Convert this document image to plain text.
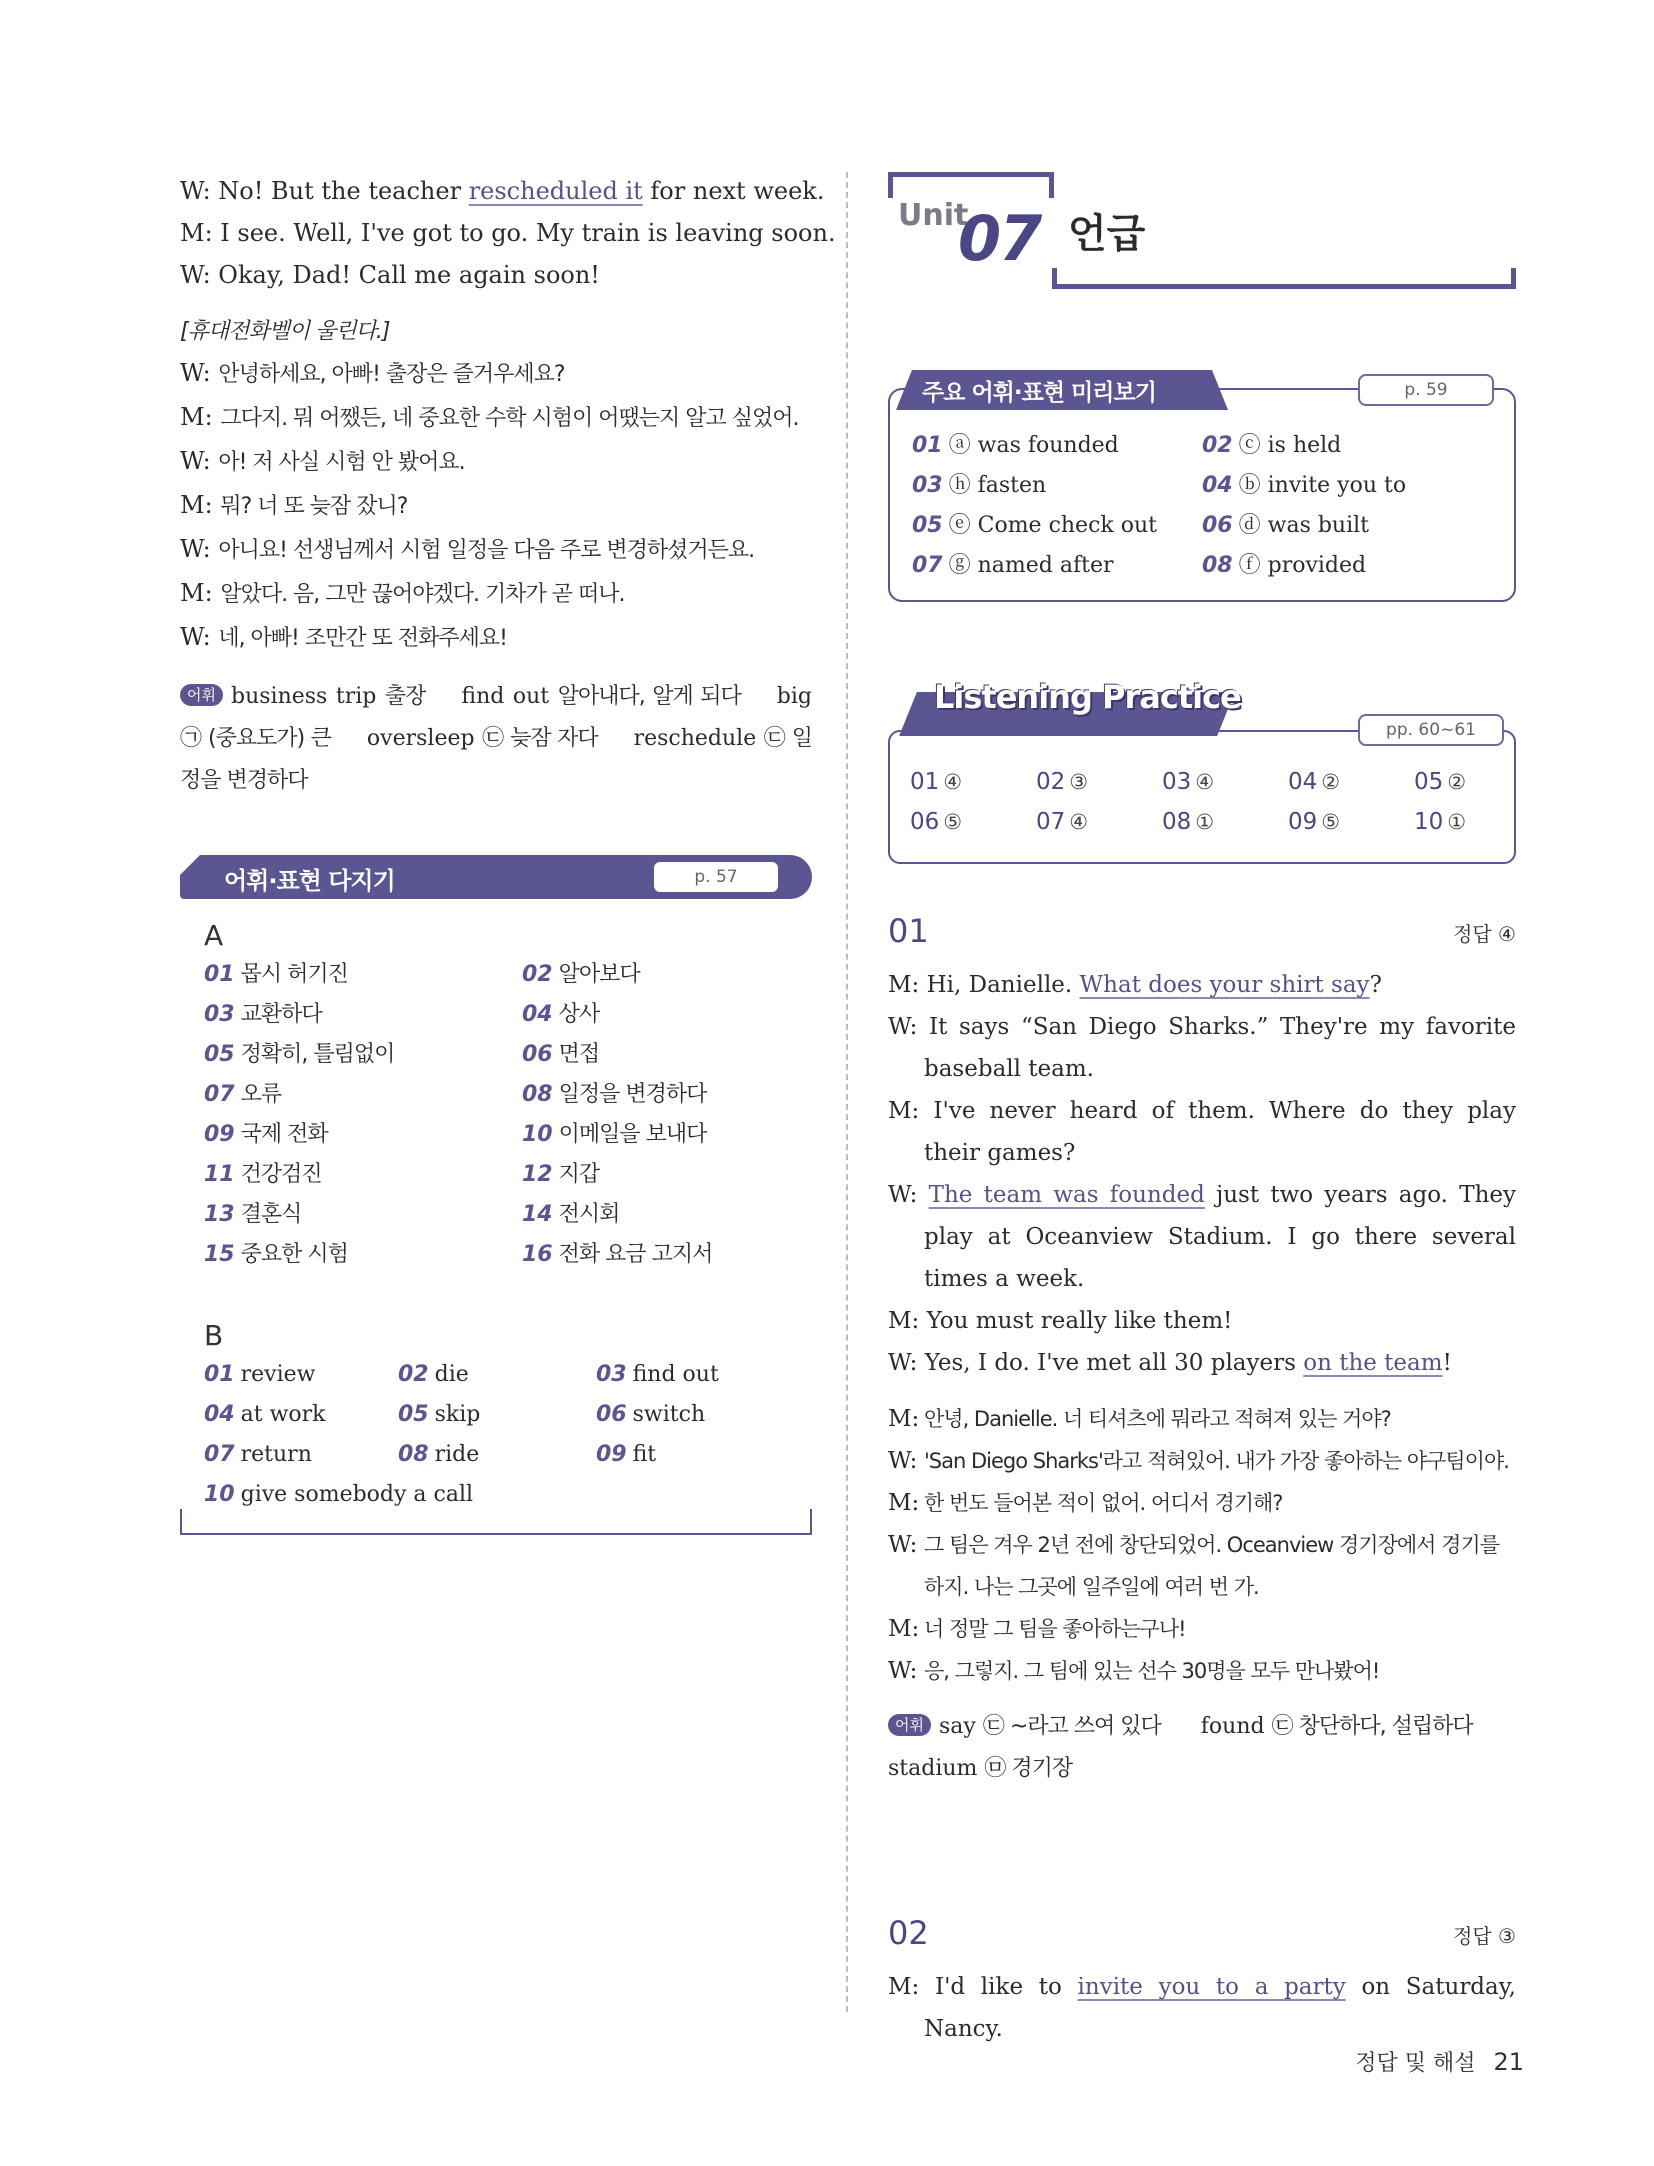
W: No! But the teacher rescheduled it for next week.
M: I see. Well, I've got to go. My train is leaving soon.
W: Okay, Dad! Call me again soon!
[휴대전화벨이 울린다.]
W: 안녕하세요, 아빠! 출장은 즐거우세요?
M: 그다지. 뭐 어쨌든, 네 중요한 수학 시험이 어땠는지 알고 싶었어.
W: 아! 저 사실 시험 안 봤어요.
M: 뭐? 너 또 늦잠 잤니?
W: 아니요! 선생님께서 시험 일정을 다음 주로 변경하셨거든요.
M: 알았다. 음, 그만 끊어야겠다. 기차가 곧 떠나.
W: 네, 아빠! 조만간 또 전화주세요!
어휘 business trip 출장 find out 알아내다, 알게 되다 big ㉠ (중요도가) 큰 oversleep ㉢ 늦잠 자다 reschedule ㉢ 일정을 변경하다
어휘·표현 다지기	p. 57
A
01 몹시 허기진	02 알아보다
03 교환하다	04 상사
05 정확히, 틀림없이	06 면접
07 오류	08 일정을 변경하다
09 국제 전화	10 이메일을 보내다
11 건강검진	12 지갑
13 결혼식	14 전시회
15 중요한 시험	16 전화 요금 고지서
B
01 review	02 die	03 find out
04 at work	05 skip	06 switch
07 return	08 ride	09 fit
10 give somebody a call
Unit
07 언급
주요 어휘·표현 미리보기	p. 59
01 ⓐ was founded	02 ⓒ is held
03 ⓗ fasten	04 ⓑ invite you to
05 ⓔ Come check out	06 ⓓ was built
07 ⓖ named after	08 ⓕ provided
Listening Practice
pp. 60~61
01 ④	02 ③	03 ④	04 ②	05 ②
06 ⑤	07 ④	08 ①	09 ⑤	10 ①
01	정답 ④
M: Hi, Danielle. What does your shirt say?
W: It says “San Diego Sharks.” They're my favorite baseball team.
M: I've never heard of them. Where do they play their games?
W: The team was founded just two years ago. They play at Oceanview Stadium. I go there several times a week.
M: You must really like them!
W: Yes, I do. I've met all 30 players on the team!
M: 안녕, Danielle. 너 티셔츠에 뭐라고 적혀져 있는 거야?
W: 'San Diego Sharks'라고 적혀있어. 내가 가장 좋아하는 야구팀이야.
M: 한 번도 들어본 적이 없어. 어디서 경기해?
W: 그 팀은 겨우 2년 전에 창단되었어. Oceanview 경기장에서 경기를 하지. 나는 그곳에 일주일에 여러 번 가.
M: 너 정말 그 팀을 좋아하는구나!
W: 응, 그렇지. 그 팀에 있는 선수 30명을 모두 만나봤어!
어휘 say ㉢ ~라고 쓰여 있다 found ㉢ 창단하다, 설립하다
stadium ㉤ 경기장
02	정답 ③
M: I'd like to invite you to a party on Saturday, Nancy.
정답 및 해설 21
